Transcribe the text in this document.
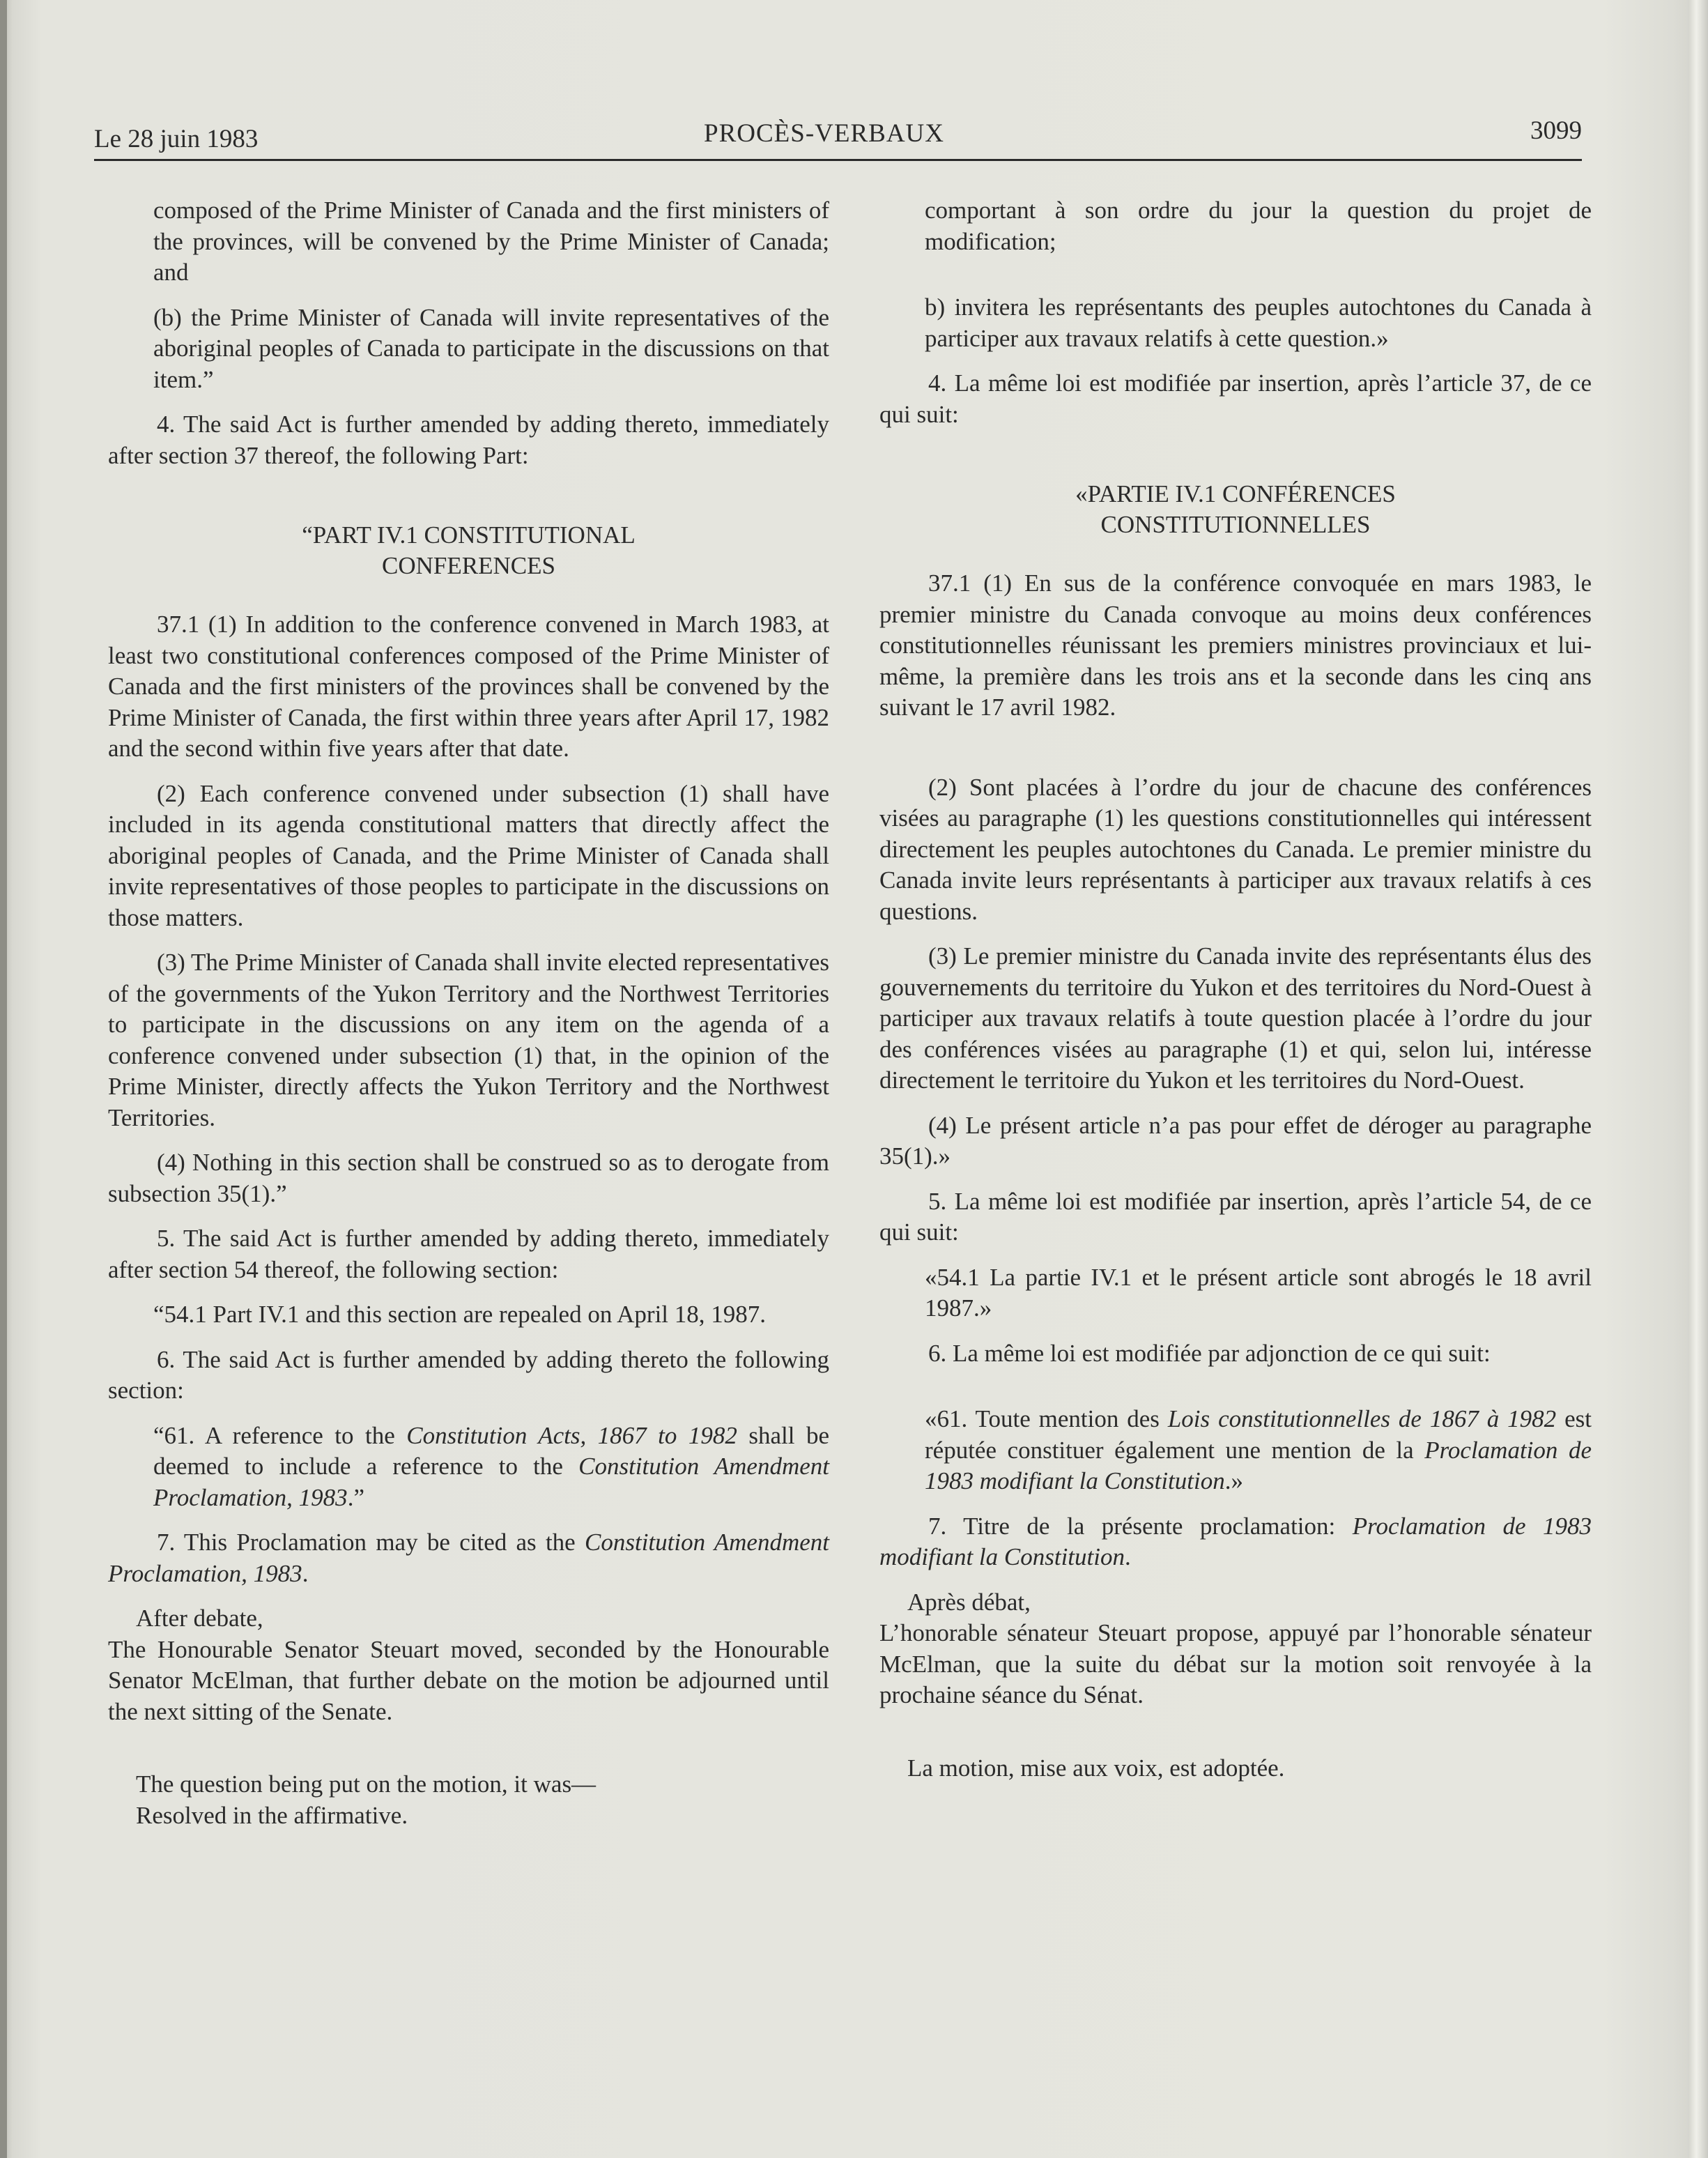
Le 28 juin 1983	PROCÈS-VERBAUX	3099

composed of the Prime Minister of Canada and the first ministers of the provinces, will be convened by the Prime Minister of Canada; and

(b) the Prime Minister of Canada will invite representatives of the aboriginal peoples of Canada to participate in the discussions on that item.”

4. The said Act is further amended by adding thereto, immediately after section 37 thereof, the following Part:

“PART IV.1 CONSTITUTIONAL
CONFERENCES

37.1 (1) In addition to the conference convened in March 1983, at least two constitutional conferences composed of the Prime Minister of Canada and the first ministers of the provinces shall be convened by the Prime Minister of Canada, the first within three years after April 17, 1982 and the second within five years after that date.

(2) Each conference convened under subsection (1) shall have included in its agenda constitutional matters that directly affect the aboriginal peoples of Canada, and the Prime Minister of Canada shall invite representatives of those peoples to participate in the discussions on those matters.

(3) The Prime Minister of Canada shall invite elected representatives of the governments of the Yukon Territory and the Northwest Territories to participate in the discussions on any item on the agenda of a conference convened under subsection (1) that, in the opinion of the Prime Minister, directly affects the Yukon Territory and the Northwest Territories.

(4) Nothing in this section shall be construed so as to derogate from subsection 35(1).”

5. The said Act is further amended by adding thereto, immediately after section 54 thereof, the following section:

“54.1 Part IV.1 and this section are repealed on April 18, 1987.

6. The said Act is further amended by adding thereto the following section:

“61. A reference to the Constitution Acts, 1867 to 1982 shall be deemed to include a reference to the Constitution Amendment Proclamation, 1983.”

7. This Proclamation may be cited as the Constitution Amendment Proclamation, 1983.

After debate,

The Honourable Senator Steuart moved, seconded by the Honourable Senator McElman, that further debate on the motion be adjourned until the next sitting of the Senate.

The question being put on the motion, it was—

Resolved in the affirmative.

comportant à son ordre du jour la question du projet de modification;

b) invitera les représentants des peuples autochtones du Canada à participer aux travaux relatifs à cette question.»

4. La même loi est modifiée par insertion, après l’article 37, de ce qui suit:

«PARTIE IV.1 CONFÉRENCES
CONSTITUTIONNELLES

37.1 (1) En sus de la conférence convoquée en mars 1983, le premier ministre du Canada convoque au moins deux conférences constitutionnelles réunissant les premiers ministres provinciaux et lui-même, la première dans les trois ans et la seconde dans les cinq ans suivant le 17 avril 1982.

(2) Sont placées à l’ordre du jour de chacune des conférences visées au paragraphe (1) les questions constitutionnelles qui intéressent directement les peuples autochtones du Canada. Le premier ministre du Canada invite leurs représentants à participer aux travaux relatifs à ces questions.

(3) Le premier ministre du Canada invite des représentants élus des gouvernements du territoire du Yukon et des territoires du Nord-Ouest à participer aux travaux relatifs à toute question placée à l’ordre du jour des conférences visées au paragraphe (1) et qui, selon lui, intéresse directement le territoire du Yukon et les territoires du Nord-Ouest.

(4) Le présent article n’a pas pour effet de déroger au paragraphe 35(1).»

5. La même loi est modifiée par insertion, après l’article 54, de ce qui suit:

«54.1 La partie IV.1 et le présent article sont abrogés le 18 avril 1987.»

6. La même loi est modifiée par adjonction de ce qui suit:

«61. Toute mention des Lois constitutionnelles de 1867 à 1982 est réputée constituer également une mention de la Proclamation de 1983 modifiant la Constitution.»

7. Titre de la présente proclamation: Proclamation de 1983 modifiant la Constitution.

Après débat,

L’honorable sénateur Steuart propose, appuyé par l’honorable sénateur McElman, que la suite du débat sur la motion soit renvoyée à la prochaine séance du Sénat.

La motion, mise aux voix, est adoptée.
